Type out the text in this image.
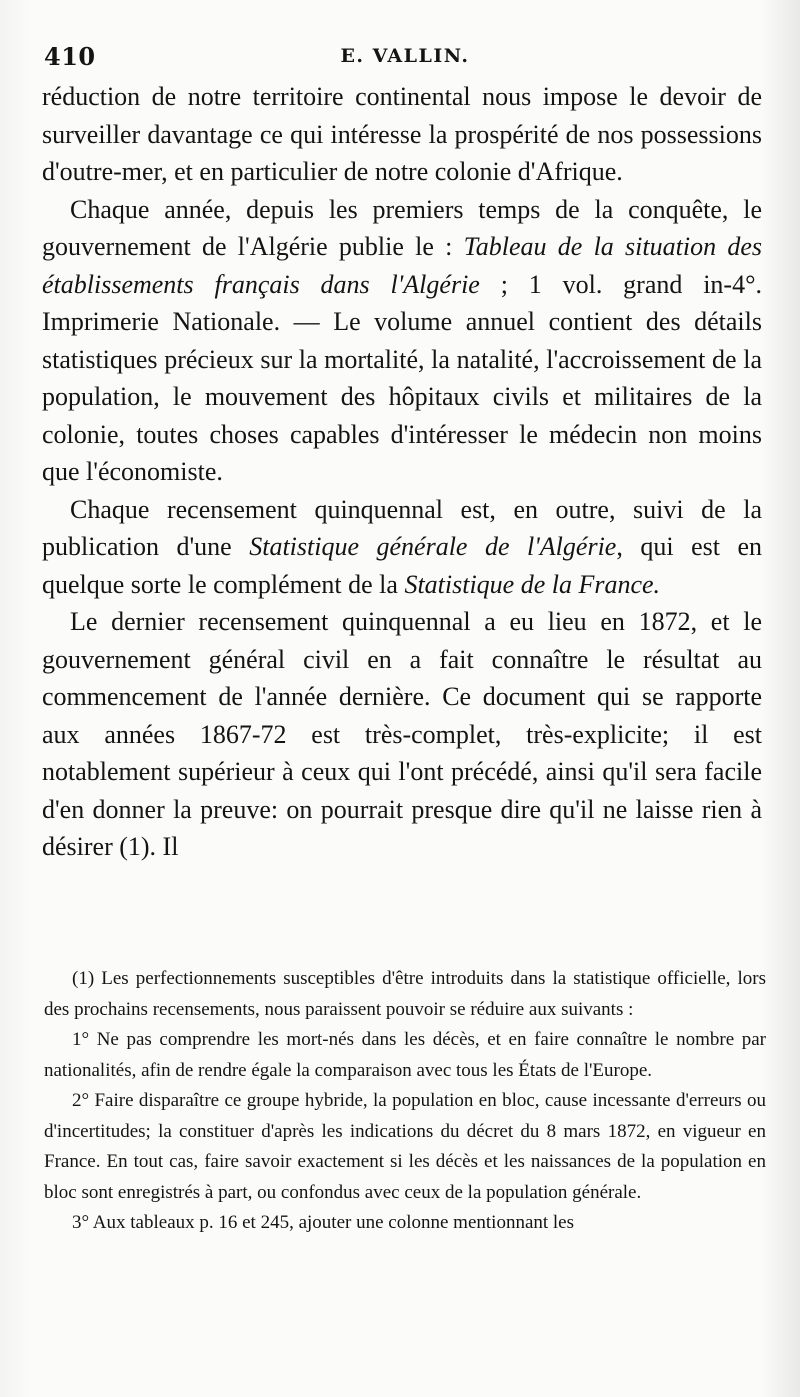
410	E. VALLIN.

réduction de notre territoire continental nous impose le devoir de surveiller davantage ce qui intéresse la prospérité de nos possessions d'outre-mer, et en particulier de notre colonie d'Afrique.

Chaque année, depuis les premiers temps de la conquête, le gouvernement de l'Algérie publie le : Tableau de la situation des établissements français dans l'Algérie ; 1 vol. grand in-4°. Imprimerie Nationale. — Le volume annuel contient des détails statistiques précieux sur la mortalité, la natalité, l'accroissement de la population, le mouvement des hôpitaux civils et militaires de la colonie, toutes choses capables d'intéresser le médecin non moins que l'économiste.

Chaque recensement quinquennal est, en outre, suivi de la publication d'une Statistique générale de l'Algérie, qui est en quelque sorte le complément de la Statistique de la France.

Le dernier recensement quinquennal a eu lieu en 1872, et le gouvernement général civil en a fait connaître le résultat au commencement de l'année dernière. Ce document qui se rapporte aux années 1867-72 est très-complet, très-explicite; il est notablement supérieur à ceux qui l'ont précédé, ainsi qu'il sera facile d'en donner la preuve: on pourrait presque dire qu'il ne laisse rien à désirer (1). Il

(1) Les perfectionnements susceptibles d'être introduits dans la statistique officielle, lors des prochains recensements, nous paraissent pouvoir se réduire aux suivants :

1° Ne pas comprendre les mort-nés dans les décès, et en faire connaître le nombre par nationalités, afin de rendre égale la comparaison avec tous les États de l'Europe.

2° Faire disparaître ce groupe hybride, la population en bloc, cause incessante d'erreurs ou d'incertitudes; la constituer d'après les indications du décret du 8 mars 1872, en vigueur en France. En tout cas, faire savoir exactement si les décès et les naissances de la population en bloc sont enregistrés à part, ou confondus avec ceux de la population générale.

3° Aux tableaux p. 16 et 245, ajouter une colonne mentionnant les
